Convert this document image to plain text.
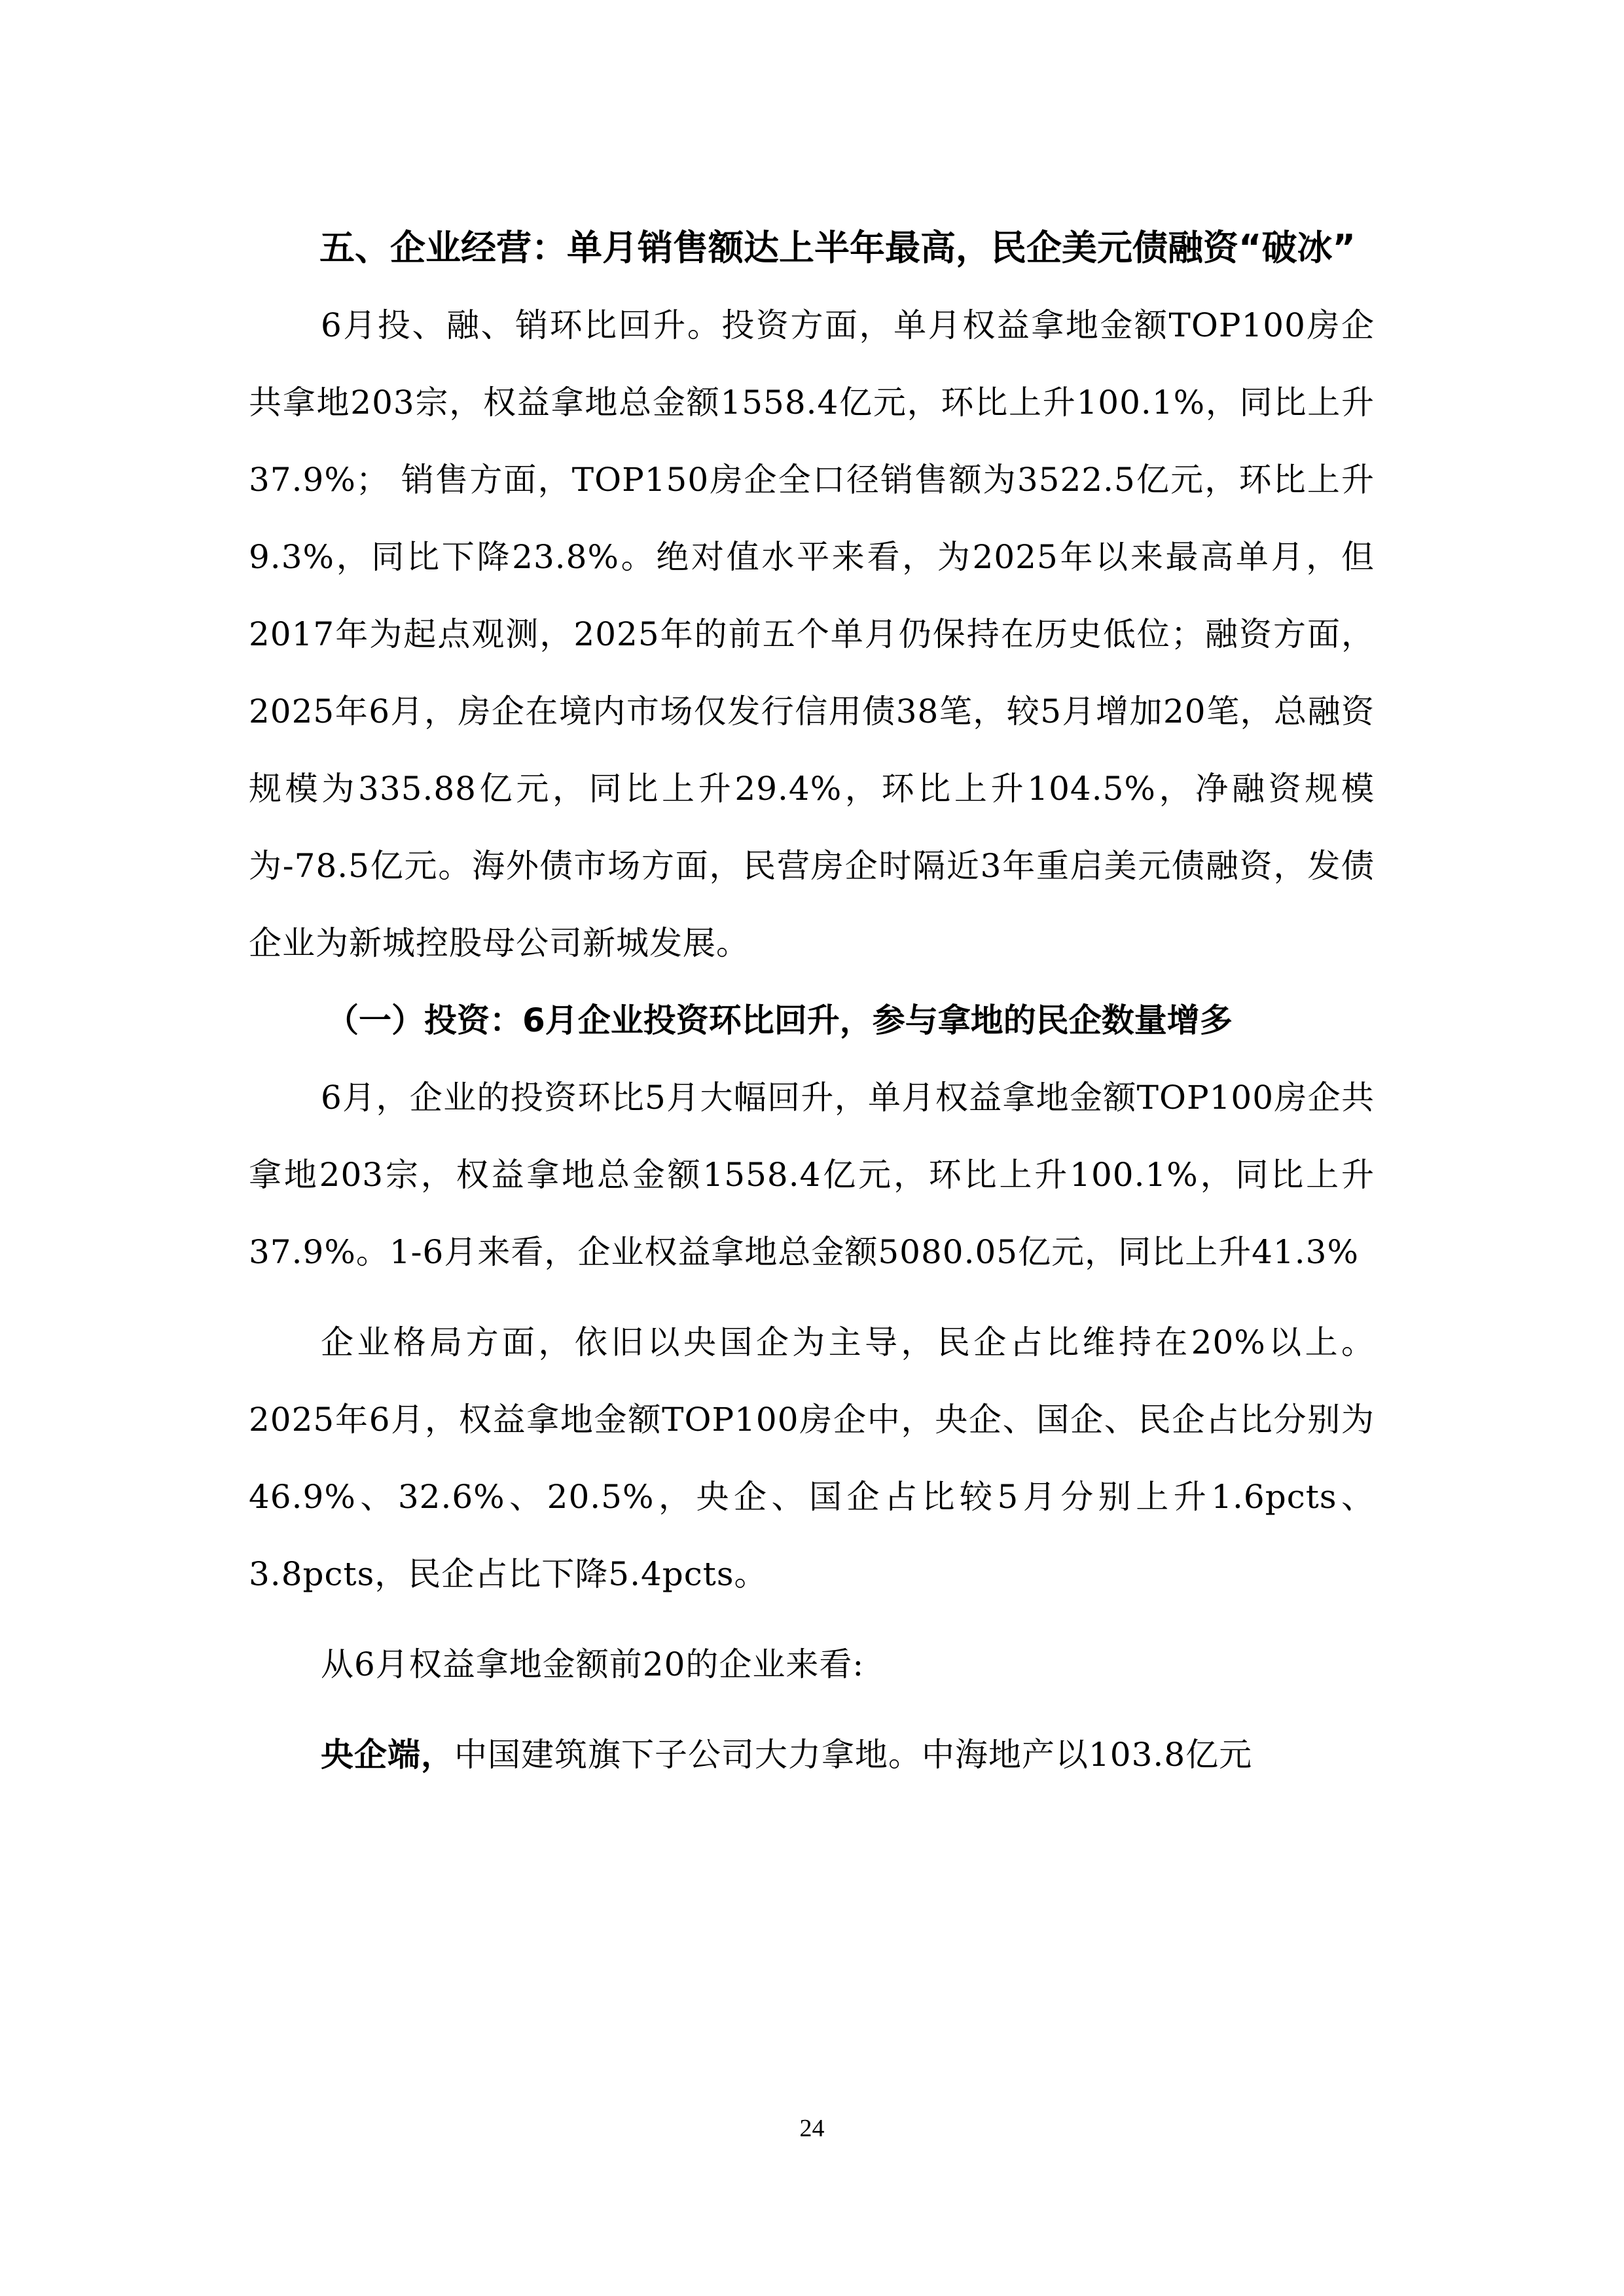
五、企业经营：单月销售额达上半年最高，民企美元债融资“破冰”

6月投、融、销环比回升。投资方面，单月权益拿地金额TOP100房企共拿地203宗，权益拿地总金额1558.4亿元，环比上升100.1%，同比上升37.9%； 销售方面，TOP150房企全口径销售额为3522.5亿元，环比上升9.3%，同比下降23.8%。绝对值水平来看，为2025年以来最高单月，但2017年为起点观测，2025年的前五个单月仍保持在历史低位；融资方面，2025年6月，房企在境内市场仅发行信用债38笔，较5月增加20笔，总融资规模为335.88亿元，同比上升29.4%，环比上升104.5%，净融资规模为-78.5亿元。海外债市场方面，民营房企时隔近3年重启美元债融资，发债企业为新城控股母公司新城发展。

（一）投资：6月企业投资环比回升，参与拿地的民企数量增多

6月，企业的投资环比5月大幅回升，单月权益拿地金额TOP100房企共拿地203宗，权益拿地总金额1558.4亿元，环比上升100.1%，同比上升37.9%。1-6月来看，企业权益拿地总金额5080.05亿元，同比上升41.3%

企业格局方面，依旧以央国企为主导，民企占比维持在20%以上。2025年6月，权益拿地金额TOP100房企中，央企、国企、民企占比分别为46.9%、32.6%、20.5%，央企、国企占比较5月分别上升1.6pcts、3.8pcts，民企占比下降5.4pcts。

从6月权益拿地金额前20的企业来看:

央企端，中国建筑旗下子公司大力拿地。中海地产以103.8亿元

24
